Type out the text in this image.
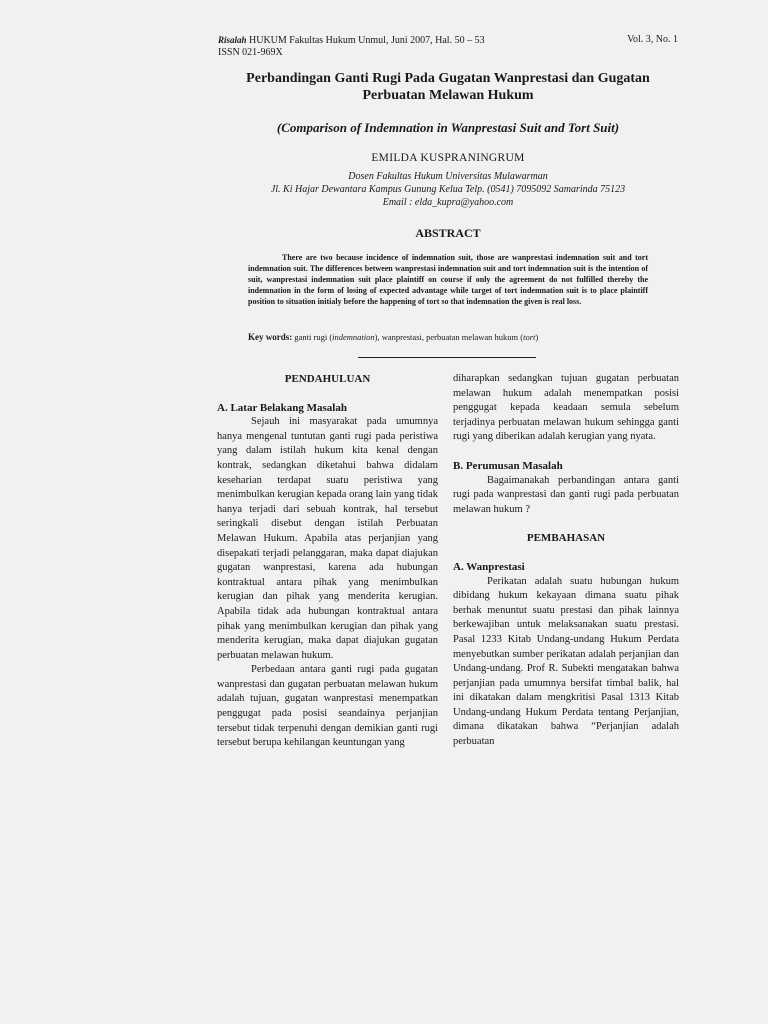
Risalah HUKUM Fakultas Hukum Unmul, Juni 2007, Hal. 50 – 53
ISSN 021-969X
Vol. 3, No. 1
Perbandingan Ganti Rugi Pada Gugatan Wanprestasi dan Gugatan
Perbuatan Melawan Hukum
(Comparison of Indemnation in Wanprestasi Suit and Tort Suit)
EMILDA KUSPRANINGRUM
Dosen Fakultas Hukum Universitas Mulawarman
Jl. Ki Hajar Dewantara Kampus Gunung Kelua Telp. (0541) 7095092 Samarinda 75123
Email : elda_kupra@yahoo.com
ABSTRACT

There are two because incidence of indemnation suit, those are wanprestasi indemnation suit and tort indemnation suit. The differences between wanprestasi indemnation suit and tort indemnation suit is the intention of suit, wanprestasi indemnation suit place plaintiff on course if only the agreement do not fulfilled thereby the indemnation in the form of losing of expected advantage while target of tort indemnation suit is to place plaintiff position to situation initialy before the happening of tort so that indemnation the given is real loss.

Key words: ganti rugi (indemnation), wanprestasi, perbuatan melawan hukum (tort)
PENDAHULUAN
A. Latar Belakang Masalah

Sejauh ini masyarakat pada umumnya hanya mengenal tuntutan ganti rugi pada peristiwa yang dalam istilah hukum kita kenal dengan kontrak, sedangkan diketahui bahwa didalam keseharian terdapat suatu peristiwa yang menimbulkan kerugian kepada orang lain yang tidak hanya terjadi dari sebuah kontrak, hal tersebut seringkali disebut dengan istilah Perbuatan Melawan Hukum. Apabila atas perjanjian yang disepakati terjadi pelanggaran, maka dapat diajukan gugatan wanprestasi, karena ada hubungan kontraktual antara pihak yang menimbulkan kerugian dan pihak yang menderita kerugian. Apabila tidak ada hubungan kontraktual antara pihak yang menimbulkan kerugian dan pihak yang menderita kerugian, maka dapat diajukan gugatan perbuatan melawan hukum.

Perbedaan antara ganti rugi pada gugatan wanprestasi dan gugatan perbuatan melawan hukum adalah tujuan, gugatan wanprestasi menempatkan penggugat pada posisi seandainya perjanjian tersebut tidak terpenuhi dengan demikian ganti rugi tersebut berupa kehilangan keuntungan yang

diharapkan sedangkan tujuan gugatan perbuatan melawan hukum adalah menempatkan posisi penggugat kepada keadaan semula sebelum terjadinya perbuatan melawan hukum sehingga ganti rugi yang diberikan adalah kerugian yang nyata.

B. Perumusan Masalah

Bagaimanakah perbandingan antara ganti rugi pada wanprestasi dan ganti rugi pada perbuatan melawan hukum ?

PEMBAHASAN
A. Wanprestasi

Perikatan adalah suatu hubungan hukum dibidang hukum kekayaan dimana suatu pihak berhak menuntut suatu prestasi dan pihak lainnya berkewajiban untuk melaksanakan suatu prestasi. Pasal 1233 Kitab Undang-undang Hukum Perdata menyebutkan sumber perikatan adalah perjanjian dan Undang-undang. Prof R. Subekti mengatakan bahwa perjanjian pada umumnya bersifat timbal balik, hal ini dikatakan dalam mengkritisi Pasal 1313 Kitab Undang-undang Hukum Perdata tentang Perjanjian, dimana dikatakan bahwa “Perjanjian adalah perbuatan
